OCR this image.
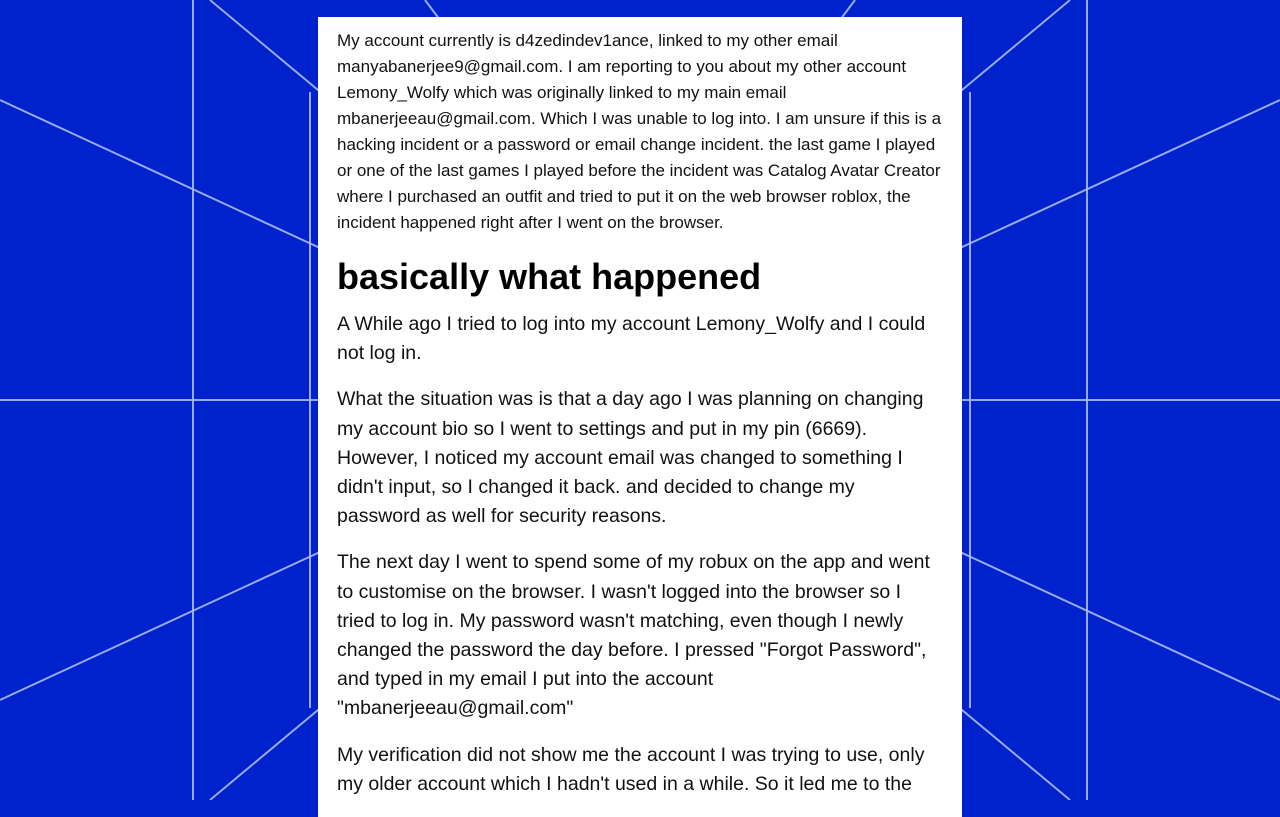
My account currently is d4zedindev1ance, linked to my other email manyabanerjee9@gmail.com. I am reporting to you about my other account Lemony_Wolfy which was originally linked to my main email mbanerjeeau@gmail.com. Which I was unable to log into. I am unsure if this is a hacking incident or a password or email change incident. the last game I played or one of the last games I played before the incident was Catalog Avatar Creator where I purchased an outfit and tried to put it on the web browser roblox, the incident happened right after I went on the browser.

basically what happened

A While ago I tried to log into my account Lemony_Wolfy and I could not log in.

What the situation was is that a day ago I was planning on changing my account bio so I went to settings and put in my pin (6669). However, I noticed my account email was changed to something I didn't input, so I changed it back. and decided to change my password as well for security reasons.

The next day I went to spend some of my robux on the app and went to customise on the browser. I wasn't logged into the browser so I tried to log in. My password wasn't matching, even though I newly changed the password the day before. I pressed "Forgot Password", and typed in my email I put into the account "mbanerjeeau@gmail.com"

My verification did not show me the account I was trying to use, only my older account which I hadn't used in a while. So it led me to the
